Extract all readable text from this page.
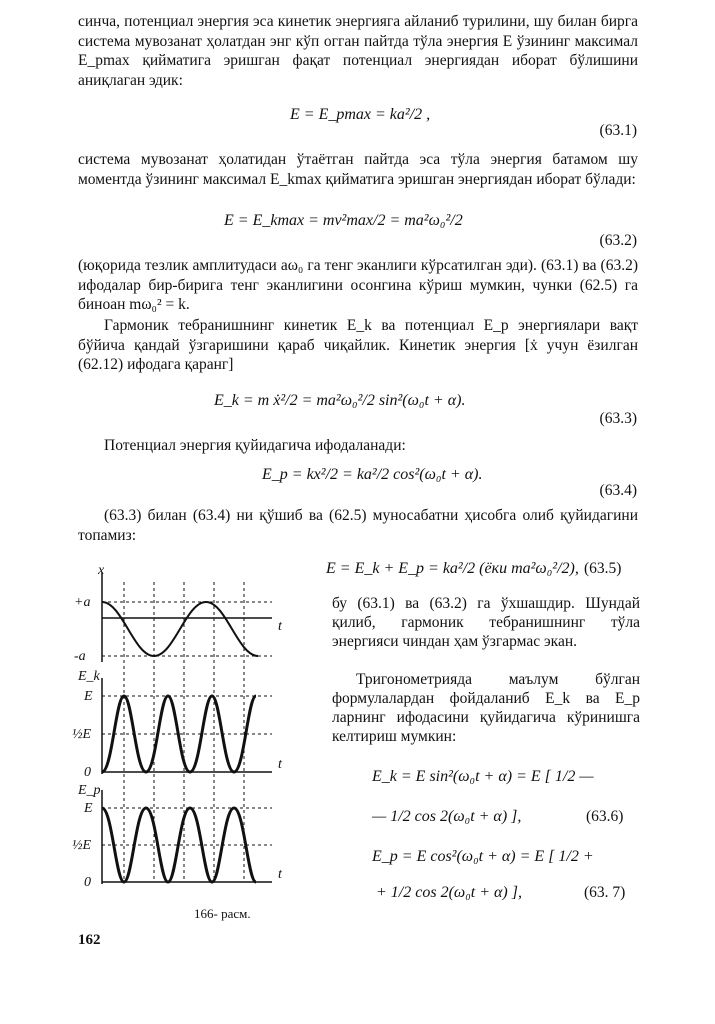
синча, потенциал энергия эса кинетик энергияга айланиб турилини, шу билан бирга система мувозанат ҳолатдан энг кўп огган пайтда тўла энергия E ўзининг максимал E_pmax қийматига эришган фақат потенциал энергиядан иборат бўлишини аниқлаган эдик:
E = E_pmax = ka²/2 ,
(63.1)
система мувозанат ҳолатидан ўтаётган пайтда эса тўла энергия батамом шу моментда ўзининг максимал E_kmax қийматига эришган энергиядан иборат бўлади:
E = E_kmax = mv²max/2 = ma²ω₀²/2
(63.2)
(юқорида тезлик амплитудаси aω₀ га тенг эканлиги кўрсатилган эди). (63.1) ва (63.2) ифодалар бир-бирига тенг эканлигини осонгина кўриш мумкин, чунки (62.5) га биноан mω₀² = k.
Гармоник тебранишнинг кинетик E_k ва потенциал E_p энергиялари вақт бўйича қандай ўзгаришини қараб чиқайлик. Кинетик энергия [ẋ учун ёзилган (62.12) ифодага қаранг]
E_k = m ẋ²/2 = ma²ω₀²/2 sin²(ω₀t + α).
(63.3)
Потенциал энергия қуйидагича ифодаланади:
E_p = kx²/2 = ka²/2 cos²(ω₀t + α).
(63.4)
(63.3) билан (63.4) ни қўшиб ва (62.5) муносабатни ҳисобга олиб қуйидагини топамиз:
E = E_k + E_p = ka²/2 (ёки ma²ω₀²/2), (63.5)
бу (63.1) ва (63.2) га ўхшашдир. Шундай қилиб, гармоник тебранишнинг тўла энергияси чиндан ҳам ўзгармас экан.
Тригонометрияда маълум бўлган формулалардан фойдаланиб E_k ва E_p ларнинг ифодасини қуйидагича кўринишга келтириш мумкин:
E_k = E sin²(ω₀t + α) = E [ 1/2 —
— 1/2 cos 2(ω₀t + α) ],	(63.6)
E_p = E cos²(ω₀t + α) = E [ 1/2 +
+ 1/2 cos 2(ω₀t + α) ],	(63. 7)
x
+a
-a
t
E_k
E
½E
0
t
E_p
E
½E
0
t
166- расм.
162
